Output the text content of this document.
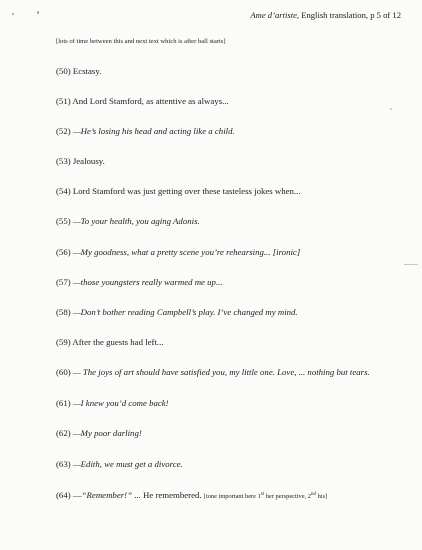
Ame d’artiste, English translation, p 5 of 12
[lots of time between this and next text which is after ball starts]
(50) Ecstasy.
(51) And Lord Stamford, as attentive as always...
(52) —He’s losing his head and acting like a child.
(53) Jealousy.
(54) Lord Stamford was just getting over these tasteless jokes when...
(55) —To your health, you aging Adonis.
(56) —My goodness, what a pretty scene you’re rehearsing... [ironic]
(57) —those youngsters really warmed me up...
(58) —Don’t bother reading Campbell’s play. I’ve changed my mind.
(59) After the guests had left...
(60) — The joys of art should have satisfied you, my little one. Love, ... nothing but tears.
(61) —I knew you’d come back!
(62) —My poor darling!
(63) —Edith, we must get a divorce.
(64) —“Remember!” ... He remembered. [tone important here 1st her perspective, 2nd his]
